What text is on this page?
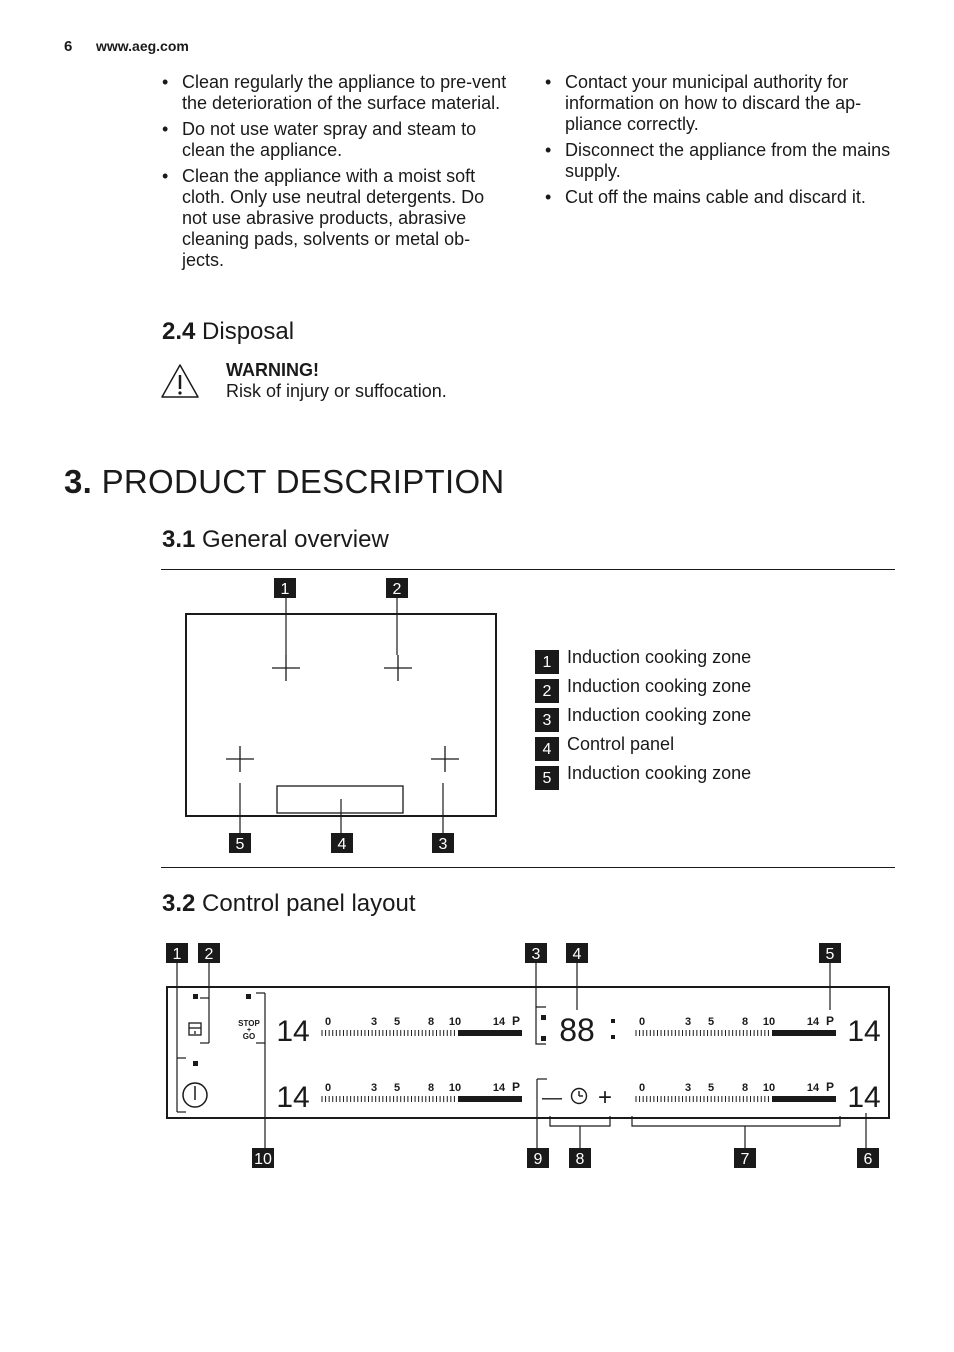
6 www.aeg.com
• Clean regularly the appliance to pre-vent the deterioration of the surface material.
• Do not use water spray and steam to clean the appliance.
• Clean the appliance with a moist soft cloth. Only use neutral detergents. Do not use abrasive products, abrasive cleaning pads, solvents or metal ob-jects.
• Contact your municipal authority for information on how to discard the ap-pliance correctly.
• Disconnect the appliance from the mains supply.
• Cut off the mains cable and discard it.
2.4 Disposal
WARNING!
Risk of injury or suffocation.
3. PRODUCT DESCRIPTION
3.1 General overview
1	2
5	4	3
1 Induction cooking zone
2 Induction cooking zone
3 Induction cooking zone
4 Control panel
5 Induction cooking zone
3.2 Control panel layout
1 2	3 4	5
10	9 8	7	6
STOP
+
GO	88
— +
0	3 5	8 10	14 P
0	3 5	8 10	14 P
0	3 5	8 10	14 P
0	3 5	8 10	14 P
14
14
14
14
